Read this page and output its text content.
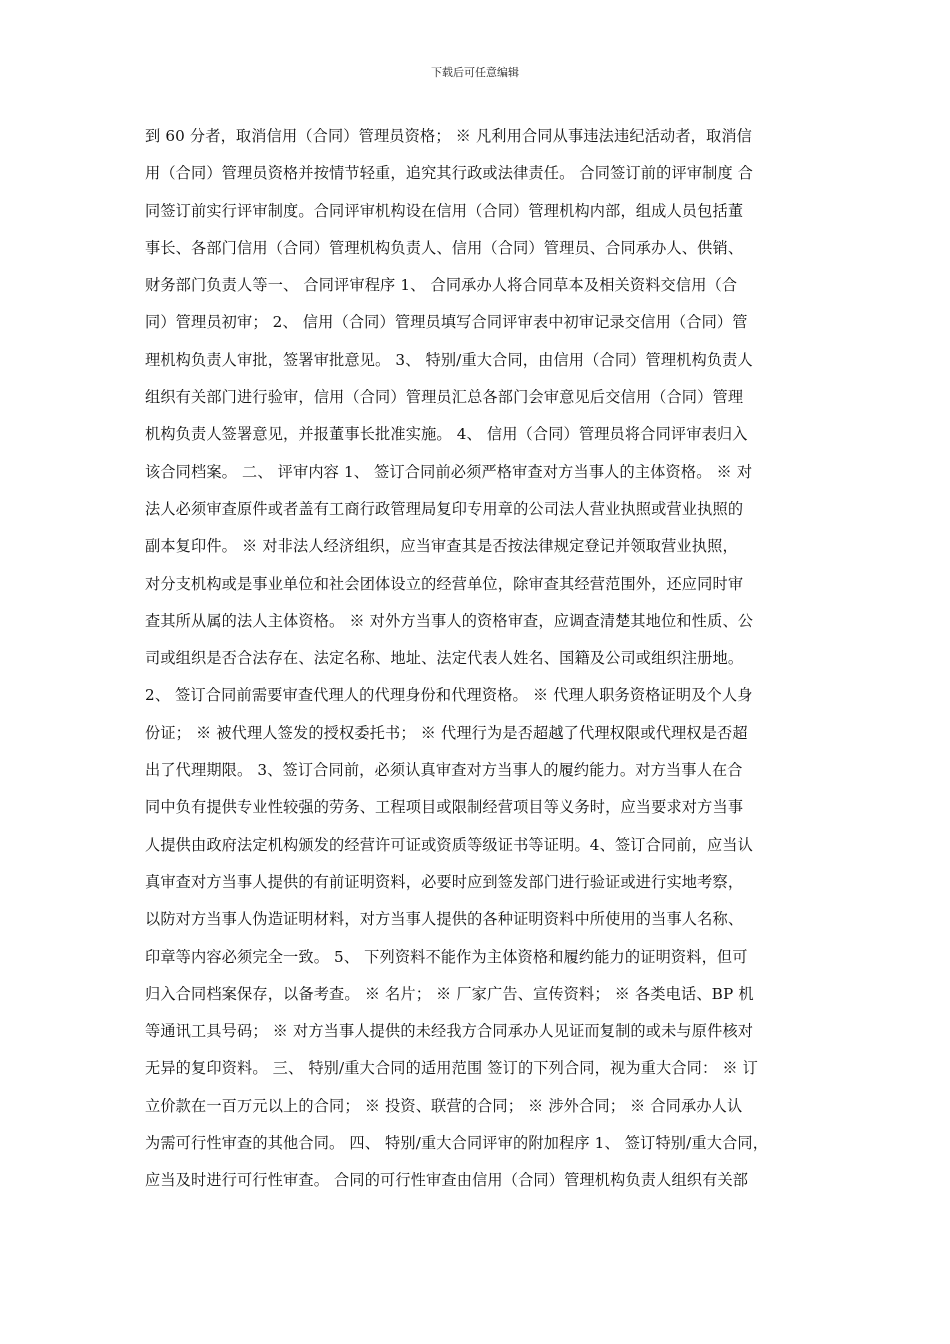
下载后可任意编辑
到 60 分者，取消信用（合同）管理员资格； ※ 凡利用合同从事违法违纪活动者，取消信
用（合同）管理员资格并按情节轻重，追究其行政或法律责任。 合同签订前的评审制度 合
同签订前实行评审制度。合同评审机构设在信用（合同）管理机构内部，组成人员包括董
事长、各部门信用（合同）管理机构负责人、信用（合同）管理员、合同承办人、供销、
财务部门负责人等一、 合同评审程序 1、 合同承办人将合同草本及相关资料交信用（合
同）管理员初审； 2、 信用（合同）管理员填写合同评审表中初审记录交信用（合同）管
理机构负责人审批，签署审批意见。 3、 特别/重大合同，由信用（合同）管理机构负责人
组织有关部门进行验审，信用（合同）管理员汇总各部门会审意见后交信用（合同）管理
机构负责人签署意见，并报董事长批准实施。 4、 信用（合同）管理员将合同评审表归入
该合同档案。 二、 评审内容 1、 签订合同前必须严格审查对方当事人的主体资格。 ※ 对
法人必须审查原件或者盖有工商行政管理局复印专用章的公司法人营业执照或营业执照的
副本复印件。 ※ 对非法人经济组织，应当审查其是否按法律规定登记并领取营业执照，
对分支机构或是事业单位和社会团体设立的经营单位，除审查其经营范围外，还应同时审
查其所从属的法人主体资格。 ※ 对外方当事人的资格审查，应调查清楚其地位和性质、公
司或组织是否合法存在、法定名称、地址、法定代表人姓名、国籍及公司或组织注册地。
2、 签订合同前需要审查代理人的代理身份和代理资格。 ※ 代理人职务资格证明及个人身
份证； ※ 被代理人签发的授权委托书； ※ 代理行为是否超越了代理权限或代理权是否超
出了代理期限。 3、签订合同前，必须认真审查对方当事人的履约能力。对方当事人在合
同中负有提供专业性较强的劳务、工程项目或限制经营项目等义务时，应当要求对方当事
人提供由政府法定机构颁发的经营许可证或资质等级证书等证明。4、签订合同前，应当认
真审查对方当事人提供的有前证明资料，必要时应到签发部门进行验证或进行实地考察，
以防对方当事人伪造证明材料，对方当事人提供的各种证明资料中所使用的当事人名称、
印章等内容必须完全一致。 5、 下列资料不能作为主体资格和履约能力的证明资料，但可
归入合同档案保存，以备考查。 ※ 名片； ※ 厂家广告、宣传资料； ※ 各类电话、BP 机
等通讯工具号码； ※ 对方当事人提供的未经我方合同承办人见证而复制的或未与原件核对
无异的复印资料。 三、 特别/重大合同的适用范围 签订的下列合同，视为重大合同： ※ 订
立价款在一百万元以上的合同； ※ 投资、联营的合同； ※ 涉外合同； ※ 合同承办人认
为需可行性审查的其他合同。 四、 特别/重大合同评审的附加程序 1、 签订特别/重大合同，
应当及时进行可行性审查。 合同的可行性审查由信用（合同）管理机构负责人组织有关部
